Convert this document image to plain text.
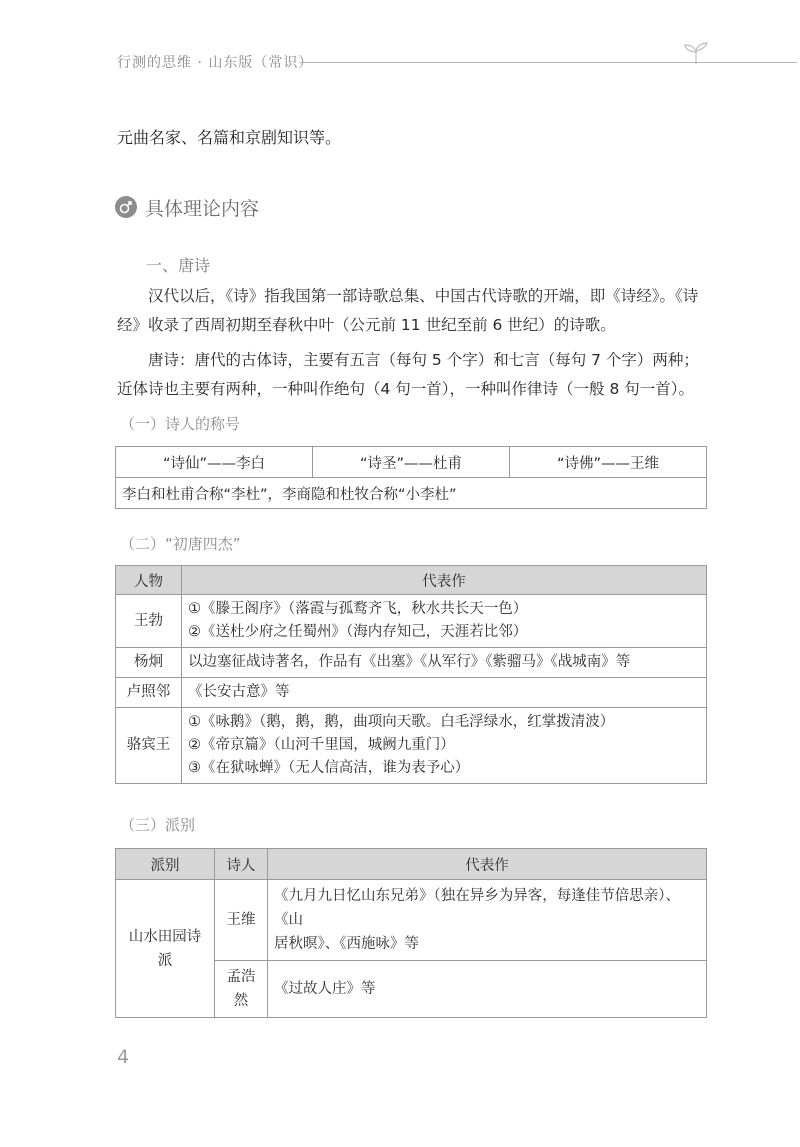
行测的思维 · 山东版（常识）
元曲名家、名篇和京剧知识等。
具体理论内容
一、唐诗
汉代以后，《诗》指我国第一部诗歌总集、中国古代诗歌的开端，即《诗经》。《诗
经》收录了西周初期至春秋中叶（公元前 11 世纪至前 6 世纪）的诗歌。
唐诗：唐代的古体诗，主要有五言（每句 5 个字）和七言（每句 7 个字）两种；
近体诗也主要有两种，一种叫作绝句（4 句一首），一种叫作律诗（一般 8 句一首）。
（一）诗人的称号
“诗仙”——李白	“诗圣”——杜甫	“诗佛”——王维
李白和杜甫合称“李杜”，李商隐和杜牧合称“小李杜”
（二）“初唐四杰”
人物	代表作
王勃	①《滕王阁序》（落霞与孤鹜齐飞，秋水共长天一色）
②《送杜少府之任蜀州》（海内存知己，天涯若比邻）

杨炯	以边塞征战诗著名，作品有《出塞》《从军行》《紫骝马》《战城南》等

卢照邻	《长安古意》等

骆宾王	①《咏鹅》（鹅，鹅，鹅，曲项向天歌。白毛浮绿水，红掌拨清波）
②《帝京篇》（山河千里国，城阙九重门）
③《在狱咏蝉》（无人信高洁，谁为表予心）
（三）派别
派别	诗人	代表作
山水田园诗派	王维	《九月九日忆山东兄弟》（独在异乡为异客，每逢佳节倍思亲）、《山
居秋暝》、《西施咏》等

	孟浩然	《过故人庄》等
4
